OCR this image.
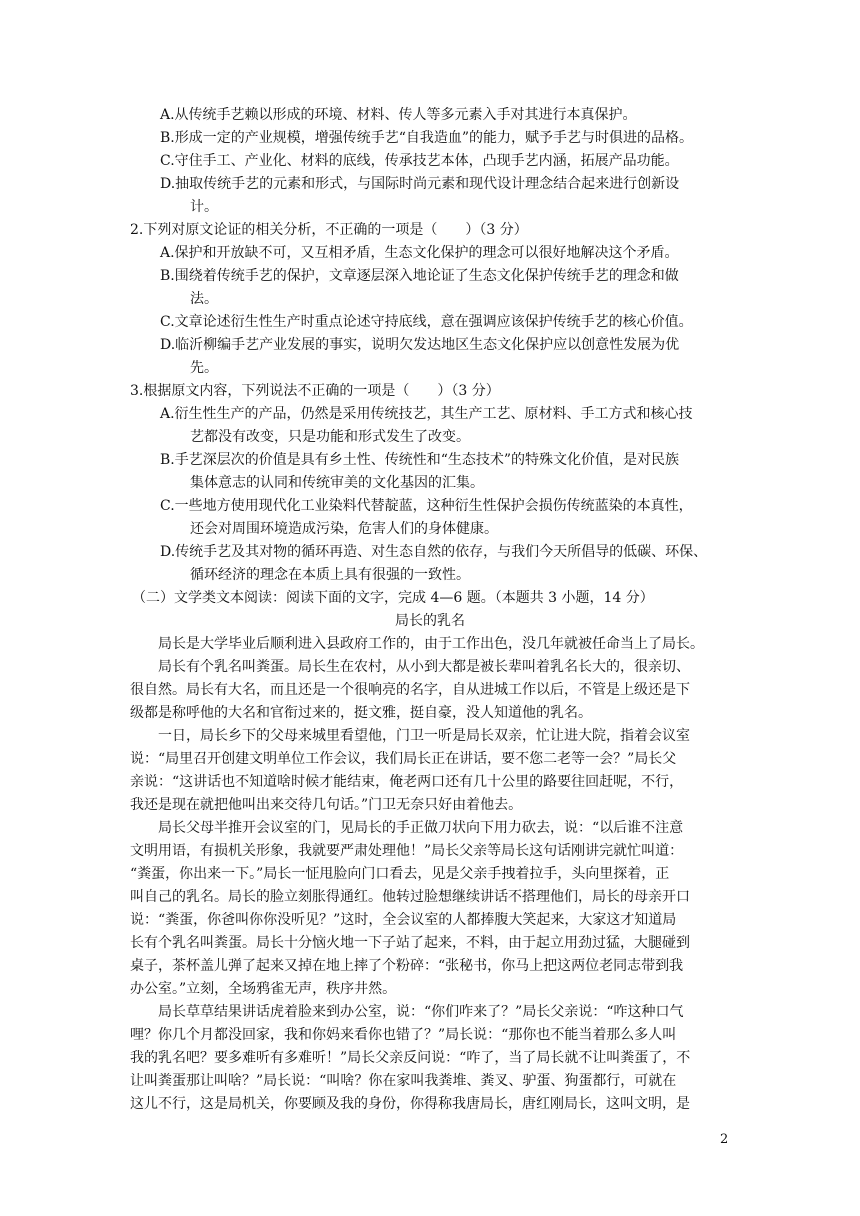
A.从传统手艺赖以形成的环境、材料、传人等多元素入手对其进行本真保护。
B.形成一定的产业规模，增强传统手艺“自我造血”的能力，赋予手艺与时俱进的品格。
C.守住手工、产业化、材料的底线，传承技艺本体，凸现手艺内涵，拓展产品功能。
D.抽取传统手艺的元素和形式，与国际时尚元素和现代设计理念结合起来进行创新设
计。
2.下列对原文论证的相关分析，不正确的一项是（　　）（3 分）
A.保护和开放缺不可，又互相矛盾，生态文化保护的理念可以很好地解决这个矛盾。
B.围绕着传统手艺的保护，文章逐层深入地论证了生态文化保护传统手艺的理念和做
法。
C.文章论述衍生性生产时重点论述守持底线，意在强调应该保护传统手艺的核心价值。
D.临沂柳编手艺产业发展的事实，说明欠发达地区生态文化保护应以创意性发展为优
先。
3.根据原文内容，下列说法不正确的一项是（　　）（3 分）
A.衍生性生产的产品，仍然是采用传统技艺，其生产工艺、原材料、手工方式和核心技
艺都没有改变，只是功能和形式发生了改变。
B.手艺深层次的价值是具有乡土性、传统性和“生态技术”的特殊文化价值，是对民族
集体意志的认同和传统审美的文化基因的汇集。
C.一些地方使用现代化工业染料代替靛蓝，这种衍生性保护会损伤传统蓝染的本真性，
还会对周围环境造成污染，危害人们的身体健康。
D.传统手艺及其对物的循环再造、对生态自然的依存，与我们今天所倡导的低碳、环保、
循环经济的理念在本质上具有很强的一致性。
（二）文学类文本阅读：阅读下面的文字，完成 4—6 题。（本题共 3 小题，14 分）
局长的乳名
局长是大学毕业后顺利进入县政府工作的，由于工作出色，没几年就被任命当上了局长。
局长有个乳名叫粪蛋。局长生在农村，从小到大都是被长辈叫着乳名长大的，很亲切、
很自然。局长有大名，而且还是一个很响亮的名字，自从进城工作以后，不管是上级还是下
级都是称呼他的大名和官衔过来的，挺文雅，挺自豪，没人知道他的乳名。
一日，局长乡下的父母来城里看望他，门卫一听是局长双亲，忙让进大院，指着会议室
说：“局里召开创建文明单位工作会议，我们局长正在讲话，要不您二老等一会？”局长父
亲说：“这讲话也不知道啥时候才能结束，俺老两口还有几十公里的路要往回赶呢，不行，
我还是现在就把他叫出来交待几句话。”门卫无奈只好由着他去。
局长父母半推开会议室的门，见局长的手正做刀状向下用力砍去，说：“以后谁不注意
文明用语，有损机关形象，我就要严肃处理他！”局长父亲等局长这句话刚讲完就忙叫道：
“粪蛋，你出来一下。”局长一怔甩脸向门口看去，见是父亲手拽着拉手，头向里探着，正
叫自己的乳名。局长的脸立刻胀得通红。他转过脸想继续讲话不搭理他们，局长的母亲开口
说：“粪蛋，你爸叫你你没听见？”这时，全会议室的人都捧腹大笑起来，大家这才知道局
长有个乳名叫粪蛋。局长十分恼火地一下子站了起来，不料，由于起立用劲过猛，大腿碰到
桌子，茶杯盖儿弹了起来又掉在地上摔了个粉碎：“张秘书，你马上把这两位老同志带到我
办公室。”立刻，全场鸦雀无声，秩序井然。
局长草草结果讲话虎着脸来到办公室，说：“你们咋来了？”局长父亲说：“咋这种口气
哩？你几个月都没回家，我和你妈来看你也错了？”局长说：“那你也不能当着那么多人叫
我的乳名吧？要多难听有多难听！”局长父亲反问说：“咋了，当了局长就不让叫粪蛋了，不
让叫粪蛋那让叫啥？”局长说：“叫啥？你在家叫我粪堆、粪叉、驴蛋、狗蛋都行，可就在
这儿不行，这是局机关，你要顾及我的身份，你得称我唐局长，唐红刚局长，这叫文明，是
2
